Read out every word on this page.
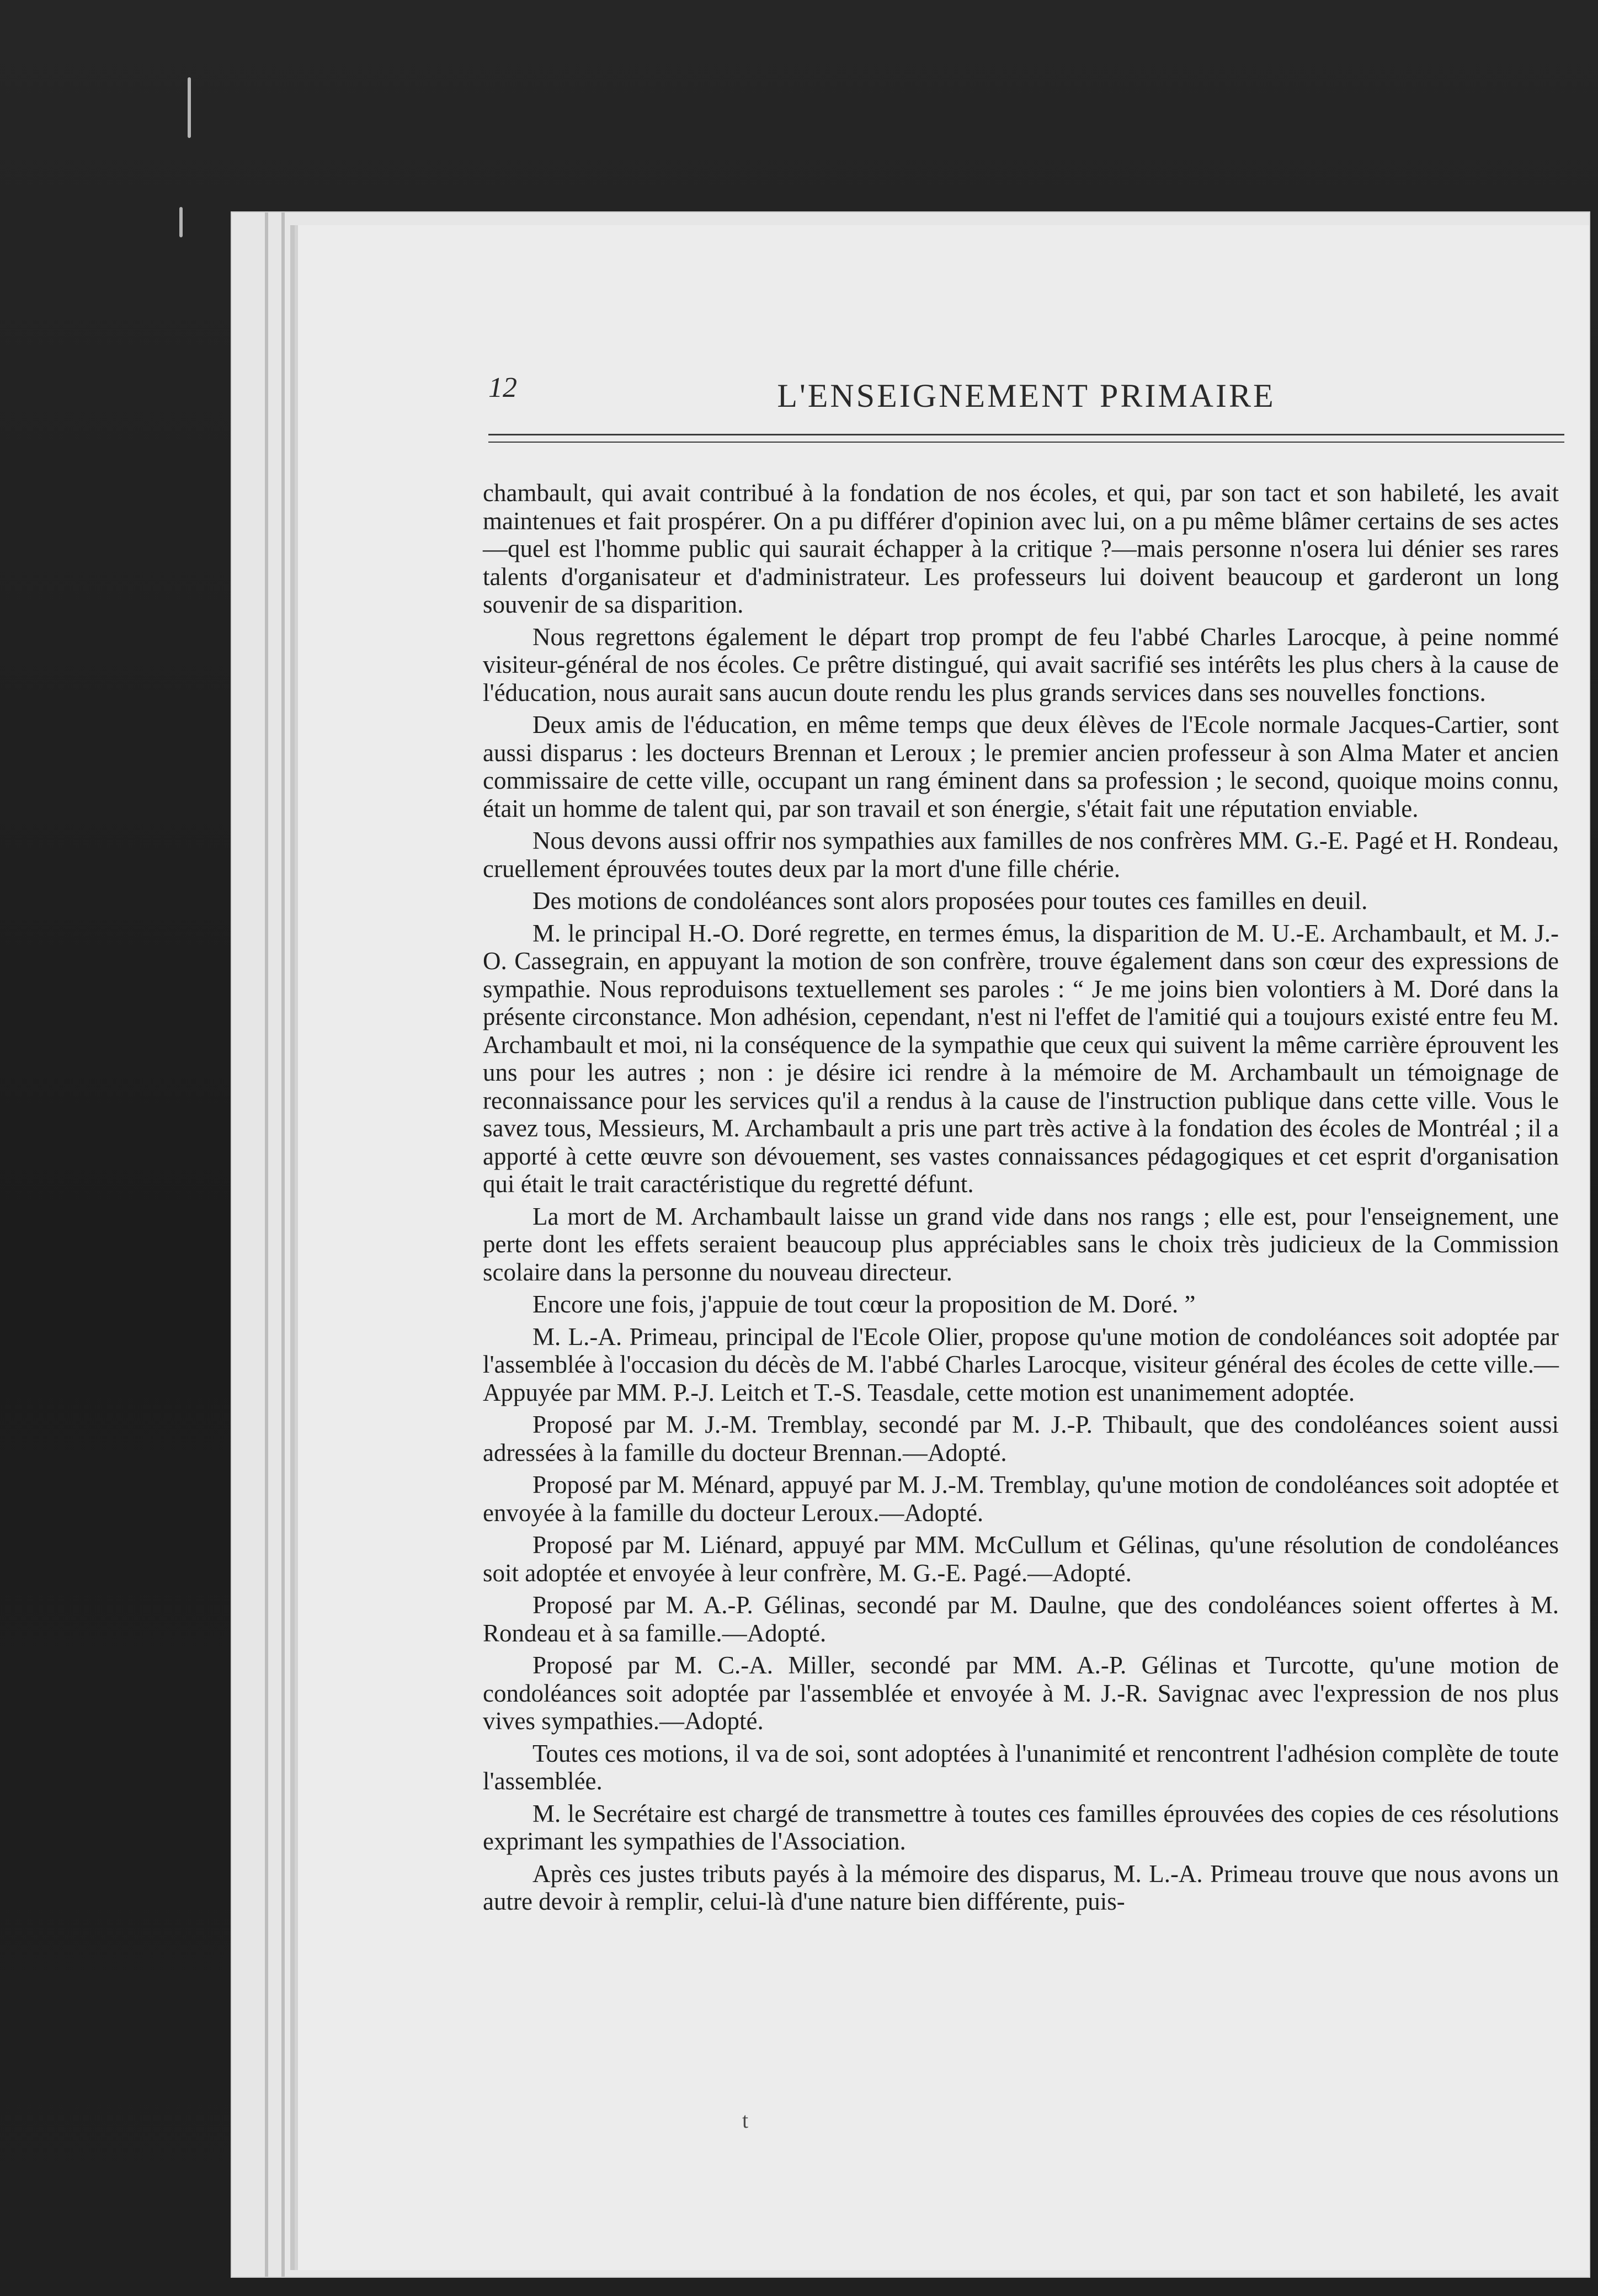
12	L'ENSEIGNEMENT PRIMAIRE

chambault, qui avait contribué à la fondation de nos écoles, et qui, par son tact et son habileté, les avait maintenues et fait prospérer. On a pu différer d'opinion avec lui, on a pu même blâmer certains de ses actes—quel est l'homme public qui saurait échapper à la critique ?—mais personne n'osera lui dénier ses rares talents d'organisateur et d'administrateur. Les professeurs lui doivent beaucoup et garderont un long souvenir de sa disparition.

Nous regrettons également le départ trop prompt de feu l'abbé Charles Larocque, à peine nommé visiteur-général de nos écoles. Ce prêtre distingué, qui avait sacrifié ses intérêts les plus chers à la cause de l'éducation, nous aurait sans aucun doute rendu les plus grands services dans ses nouvelles fonctions.

Deux amis de l'éducation, en même temps que deux élèves de l'Ecole normale Jacques-Cartier, sont aussi disparus : les docteurs Brennan et Leroux ; le premier ancien professeur à son Alma Mater et ancien commissaire de cette ville, occupant un rang éminent dans sa profession ; le second, quoique moins connu, était un homme de talent qui, par son travail et son énergie, s'était fait une réputation enviable.

Nous devons aussi offrir nos sympathies aux familles de nos confrères MM. G.-E. Pagé et H. Rondeau, cruellement éprouvées toutes deux par la mort d'une fille chérie.

Des motions de condoléances sont alors proposées pour toutes ces familles en deuil.

M. le principal H.-O. Doré regrette, en termes émus, la disparition de M. U.-E. Archambault, et M. J.-O. Cassegrain, en appuyant la motion de son confrère, trouve également dans son cœur des expressions de sympathie. Nous reproduisons textuellement ses paroles : “ Je me joins bien volontiers à M. Doré dans la présente circonstance. Mon adhésion, cependant, n'est ni l'effet de l'amitié qui a toujours existé entre feu M. Archambault et moi, ni la conséquence de la sympathie que ceux qui suivent la même carrière éprouvent les uns pour les autres ; non : je désire ici rendre à la mémoire de M. Archambault un témoignage de reconnaissance pour les services qu'il a rendus à la cause de l'instruction publique dans cette ville. Vous le savez tous, Messieurs, M. Archambault a pris une part très active à la fondation des écoles de Montréal ; il a apporté à cette œuvre son dévouement, ses vastes connaissances pédagogiques et cet esprit d'organisation qui était le trait caractéristique du regretté défunt.

La mort de M. Archambault laisse un grand vide dans nos rangs ; elle est, pour l'enseignement, une perte dont les effets seraient beaucoup plus appréciables sans le choix très judicieux de la Commission scolaire dans la personne du nouveau directeur.

Encore une fois, j'appuie de tout cœur la proposition de M. Doré. ”

M. L.-A. Primeau, principal de l'Ecole Olier, propose qu'une motion de condoléances soit adoptée par l'assemblée à l'occasion du décès de M. l'abbé Charles Larocque, visiteur général des écoles de cette ville.—Appuyée par MM. P.-J. Leitch et T.-S. Teasdale, cette motion est unanimement adoptée.

Proposé par M. J.-M. Tremblay, secondé par M. J.-P. Thibault, que des condoléances soient aussi adressées à la famille du docteur Brennan.—Adopté.

Proposé par M. Ménard, appuyé par M. J.-M. Tremblay, qu'une motion de condoléances soit adoptée et envoyée à la famille du docteur Leroux.—Adopté.

Proposé par M. Liénard, appuyé par MM. McCullum et Gélinas, qu'une résolution de condoléances soit adoptée et envoyée à leur confrère, M. G.-E. Pagé.—Adopté.

Proposé par M. A.-P. Gélinas, secondé par M. Daulne, que des condoléances soient offertes à M. Rondeau et à sa famille.—Adopté.

Proposé par M. C.-A. Miller, secondé par MM. A.-P. Gélinas et Turcotte, qu'une motion de condoléances soit adoptée par l'assemblée et envoyée à M. J.-R. Savignac avec l'expression de nos plus vives sympathies.—Adopté.

Toutes ces motions, il va de soi, sont adoptées à l'unanimité et rencontrent l'adhésion complète de toute l'assemblée.

M. le Secrétaire est chargé de transmettre à toutes ces familles éprouvées des copies de ces résolutions exprimant les sympathies de l'Association.

Après ces justes tributs payés à la mémoire des disparus, M. L.-A. Primeau trouve que nous avons un autre devoir à remplir, celui-là d'une nature bien différente, puis-

t
